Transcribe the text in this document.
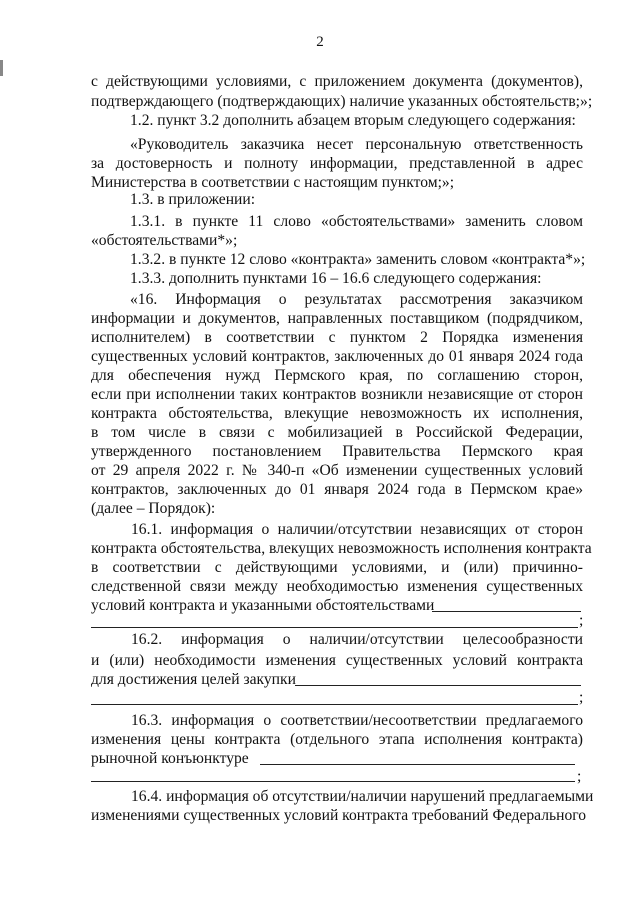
2
с действующими условиями, с приложением документа (документов),
подтверждающего (подтверждающих) наличие указанных обстоятельств;»;
1.2. пункт 3.2 дополнить абзацем вторым следующего содержания:
«Руководитель заказчика несет персональную ответственность
за достоверность и полноту информации, представленной в адрес
Министерства в соответствии с настоящим пунктом;»;
1.3. в приложении:
1.3.1. в пункте 11 слово «обстоятельствами» заменить словом
«обстоятельствами*»;
1.3.2. в пункте 12 слово «контракта» заменить словом «контракта*»;
1.3.3. дополнить пунктами 16 – 16.6 следующего содержания:
«16. Информация о результатах рассмотрения заказчиком
информации и документов, направленных поставщиком (подрядчиком,
исполнителем) в соответствии с пунктом 2 Порядка изменения
существенных условий контрактов, заключенных до 01 января 2024 года
для обеспечения нужд Пермского края, по соглашению сторон,
если при исполнении таких контрактов возникли независящие от сторон
контракта обстоятельства, влекущие невозможность их исполнения,
в том числе в связи с мобилизацией в Российской Федерации,
утвержденного постановлением Правительства Пермского края
от 29 апреля 2022 г. № 340-п «Об изменении существенных условий
контрактов, заключенных до 01 января 2024 года в Пермском крае»
(далее – Порядок):
16.1. информация о наличии/отсутствии независящих от сторон
контракта обстоятельства, влекущих невозможность исполнения контракта
в соответствии с действующими условиями, и (или) причинно-
следственной связи между необходимостью изменения существенных
условий контракта и указанными обстоятельствами
;
16.2. информация о наличии/отсутствии целесообразности
и (или) необходимости изменения существенных условий контракта
для достижения целей закупки
;
16.3. информация о соответствии/несоответствии предлагаемого
изменения цены контракта (отдельного этапа исполнения контракта)
рыночной конъюнктуре
;
16.4. информация об отсутствии/наличии нарушений предлагаемыми
изменениями существенных условий контракта требований Федерального
